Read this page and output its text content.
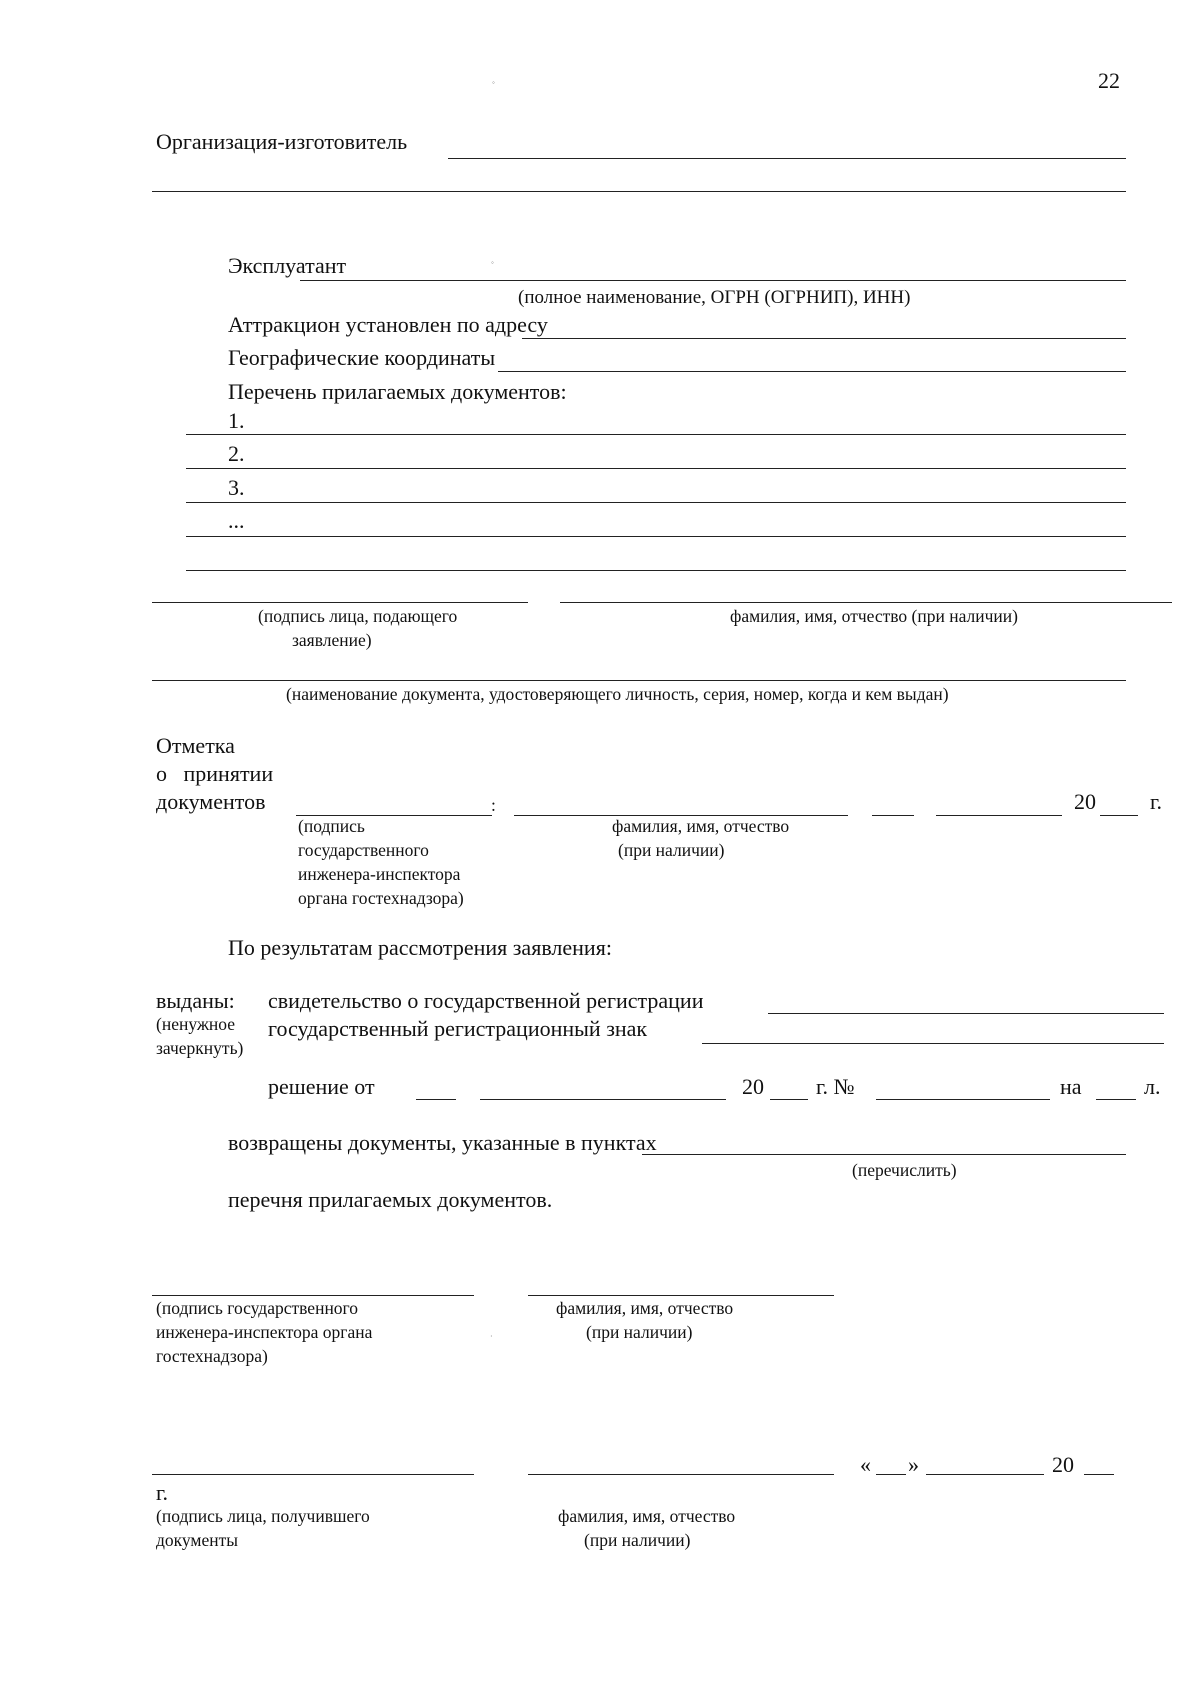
22
◦
Организация-изготовитель
Эксплуатант	◦
(полное наименование, ОГРН (ОГРНИП), ИНН)
Аттракцион установлен по адресу
Географические координаты
Перечень прилагаемых документов:
1.
2.
3.
...
(подпись лица, подающего
заявление)
фамилия, имя, отчество (при наличии)
(наименование документа, удостоверяющего личность, серия, номер, когда и кем выдан)
Отметка
о   принятии
документов	:	20 г.
(подпись
государственного
инженера-инспектора
органа гостехнадзора)
фамилия, имя, отчество
(при наличии)
По результатам рассмотрения заявления:
выданы: свидетельство о государственной регистрации
(ненужное государственный регистрационный знак
зачеркнуть)
решение от	20 г. №	на	л.
возвращены документы, указанные в пунктах
(перечислить)
перечня прилагаемых документов.
(подпись государственного
инженера-инспектора органа
гостехнадзора)
фамилия, имя, отчество
(при наличии)
·
« »	20
г.
(подпись лица, получившего
документы
фамилия, имя, отчество
(при наличии)
